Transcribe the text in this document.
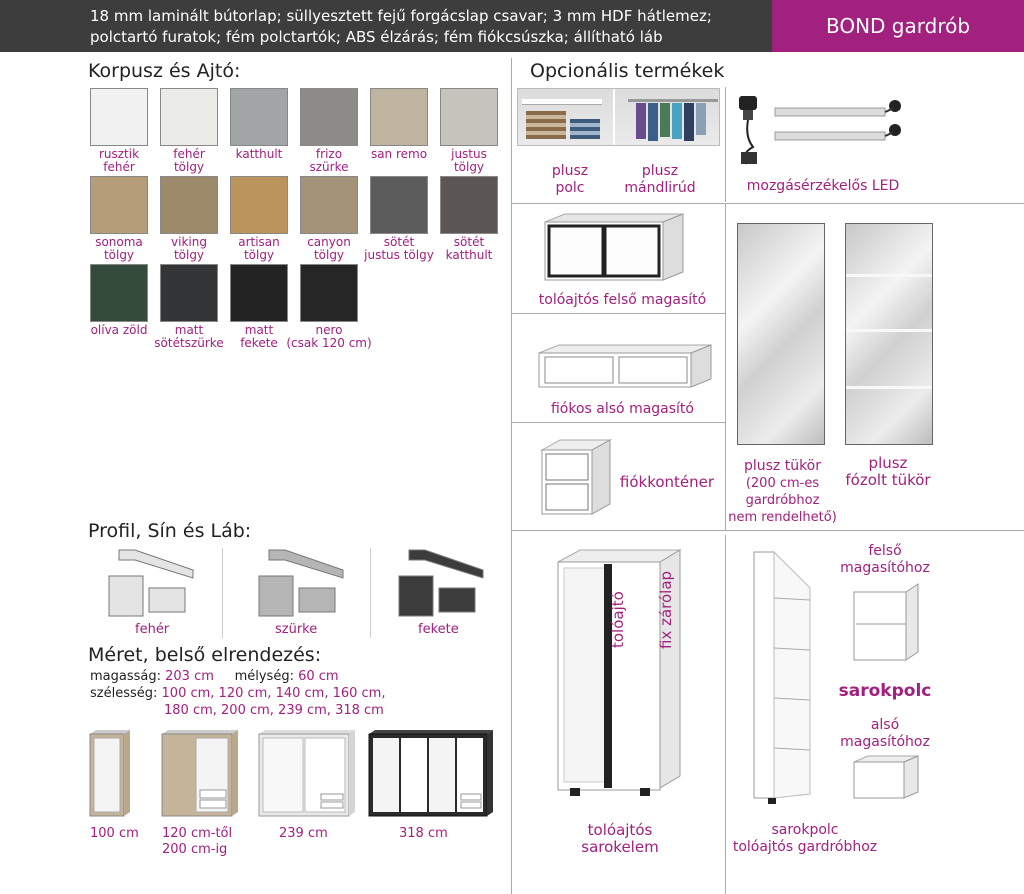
18 mm laminált bútorlap; süllyesztett fejű forgácslap csavar; 3 mm HDF hátlemez;
polctartó furatok; fém polctartók; ABS élzárás; fém fiókcsúszka; állítható láb	BOND gardrób
Korpusz és Ajtó:
rusztik
fehér
fehér
tölgy
katthult	frizo
szürke
san remo	justus
tölgy
sonoma
tölgy
viking
tölgy
artisan
tölgy
canyon
tölgy
sötét
justus tölgy
sötét
katthult
olíva zöld	matt
sötétszürke
matt
fekete
nero
(csak 120 cm)
Opcionális termékek
plusz
polc
plusz
mándlirúd	mozgásérzékelős LED
tolóajtós felső magasító
fiókos alsó magasító
fiókkonténer
plusz tükör
(200 cm-es
gardróbhoz
nem rendelhető)
plusz
fózolt tükör
tolóajtó fix zárólap
tolóajtós
sarokelem
felső
magasítóhoz
sarokpolc
alsó
magasítóhoz
sarokpolc
tolóajtós gardróbhoz
Profil, Sín és Láb:
fehér	szürke	fekete
Méret, belső elrendezés:
magasság: 203 cm mélység: 60 cm
szélesség: 100 cm, 120 cm, 140 cm, 160 cm,
180 cm, 200 cm, 239 cm, 318 cm
100 cm 120 cm-től
200 cm-ig
239 cm	318 cm
